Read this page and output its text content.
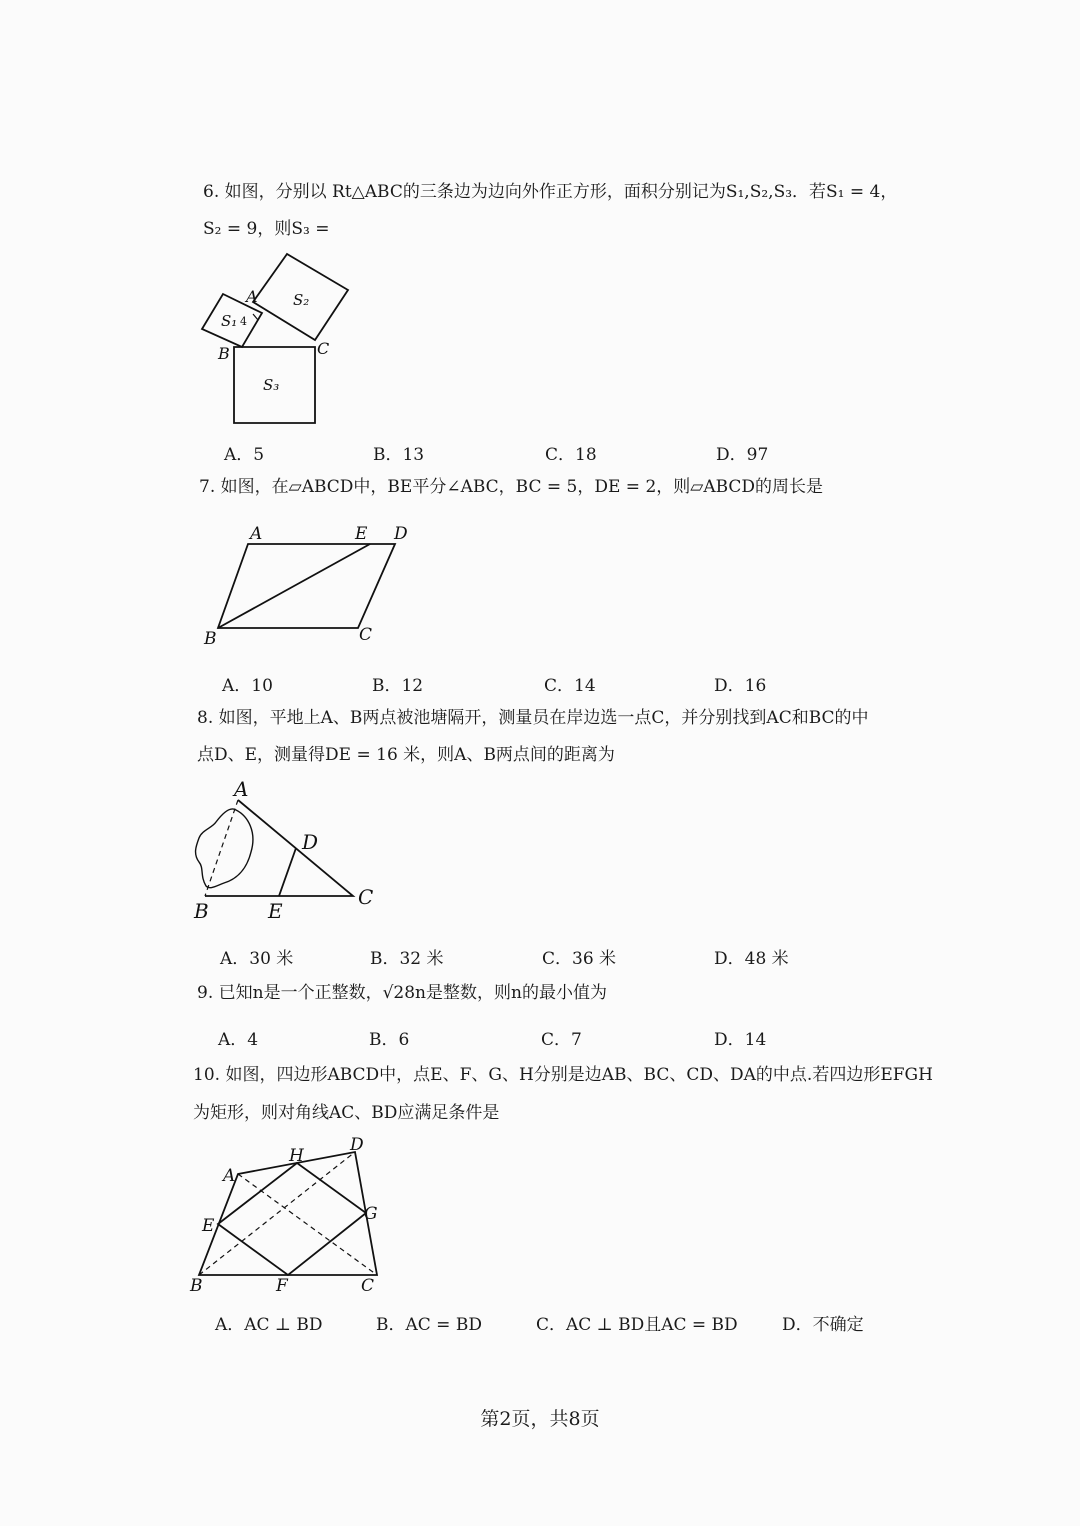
6. 如图，分别以 Rt△ABC的三条边为边向外作正方形，面积分别记为S₁,S₂,S₃．若S₁ = 4，
S₂ = 9，则S₃ =
A
B	C
S₁ 4
S₂
S₃
A．5	B．13	C．18	D．97
7. 如图，在▱ABCD中，BE平分∠ABC，BC = 5，DE = 2，则▱ABCD的周长是
A	E D
B	C
A．10	B．12	C．14	D．16
8. 如图，平地上A、B两点被池塘隔开，测量员在岸边选一点C，并分别找到AC和BC的中
点D、E，测量得DE = 16 米，则A、B两点间的距离为
A
D
C
B	E
A．30 米	B．32 米	C．36 米	D．48 米
9. 已知n是一个正整数，√28n是整数，则n的最小值为
A．4	B．6	C．7	D．14
10. 如图，四边形ABCD中，点E、F、G、H分别是边AB、BC、CD、DA的中点.若四边形EFGH
为矩形，则对角线AC、BD应满足条件是
A
H
D
E
G
B	F	C
A．AC ⊥ BD	B．AC = BD	C．AC ⊥ BD且AC = BD	D．不确定
第2页，共8页
